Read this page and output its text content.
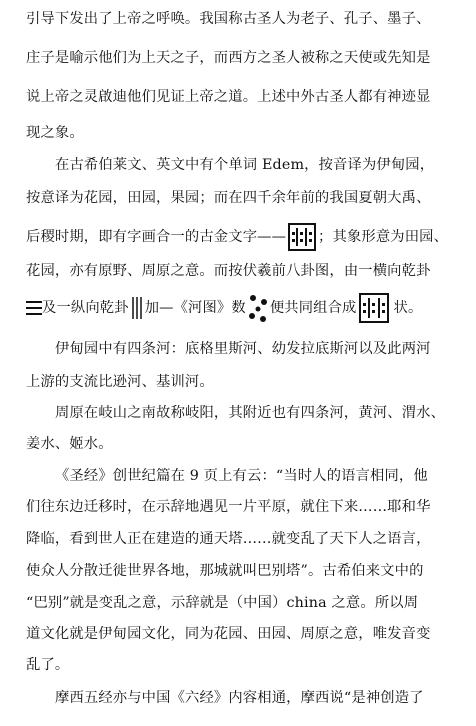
引导下发出了上帝之呼唤。我国称古圣人为老子、孔子、墨子、
庄子是喻示他们为上天之子，而西方之圣人被称之天使或先知是
说上帝之灵啟迪他们见证上帝之道。上述中外古圣人都有神迹显
现之象。
在古希伯莱文、英文中有个单词 Edem，按音译为伊甸园，
按意译为花园，田园，果园；而在四千余年前的我国夏朝大禹、
后稷时期，即有字画合一的古金文字—— ；其象形意为田园、
花园，亦有原野、周原之意。而按伏羲前八卦图，由一横向乾卦
及一纵向乾卦 加—《河图》数 便共同组合成	状。
伊甸园中有四条河：底格里斯河、幼发拉底斯河以及此两河
上游的支流比逊河、基训河。
周原在岐山之南故称岐阳，其附近也有四条河，黄河、渭水、
姜水、姬水。
《圣经》创世纪篇在 9 页上有云：“当时人的语言相同，他
们往东边迁移时，在示辞地遇见一片平原，就住下来……耶和华
降临，看到世人正在建造的通天塔……就变乱了天下人之语言，
使众人分散迁徙世界各地，那城就叫巴别塔”。古希伯来文中的
“巴别”就是变乱之意，示辞就是（中国）china 之意。所以周
道文化就是伊甸园文化，同为花园、田园、周原之意，唯发音变
乱了。
摩西五经亦与中国《六经》内容相通，摩西说“是神创造了
